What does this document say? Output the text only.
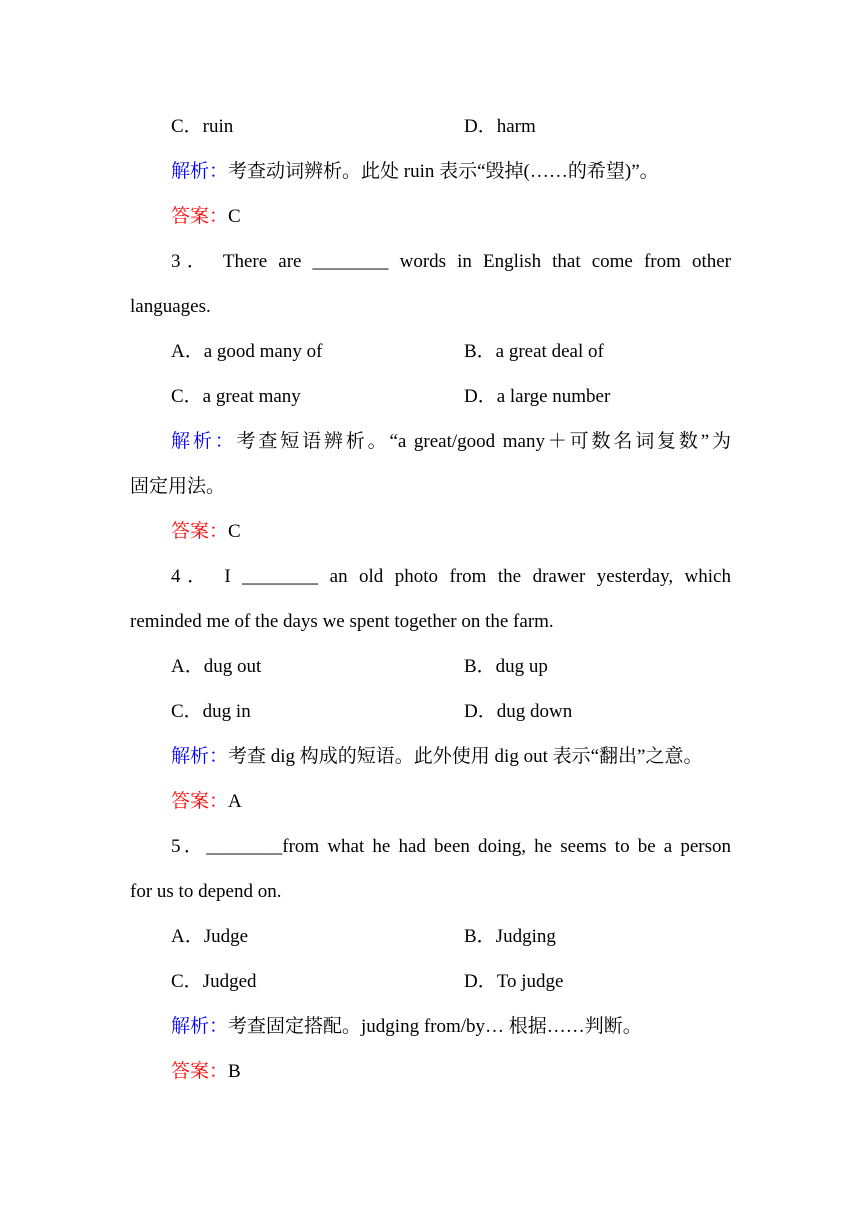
C．ruin	D．harm
解析：考查动词辨析。此处 ruin 表示“毁掉(……的希望)”。
答案：C
3． There are ________ words in English that come from other
languages.
A．a good many of	B．a great deal of
C．a great many	D．a large number
解析：考查短语辨析。“a great/good many＋可数名词复数”为
固定用法。
答案：C
4． I ________ an old photo from the drawer yesterday, which
reminded me of the days we spent together on the farm.
A．dug out	B．dug up
C．dug in	D．dug down
解析：考查 dig 构成的短语。此外使用 dig out 表示“翻出”之意。
答案：A
5．________from what he had been doing, he seems to be a person
for us to depend on.
A．Judge	B．Judging
C．Judged	D．To judge
解析：考查固定搭配。judging from/by… 根据……判断。
答案：B
